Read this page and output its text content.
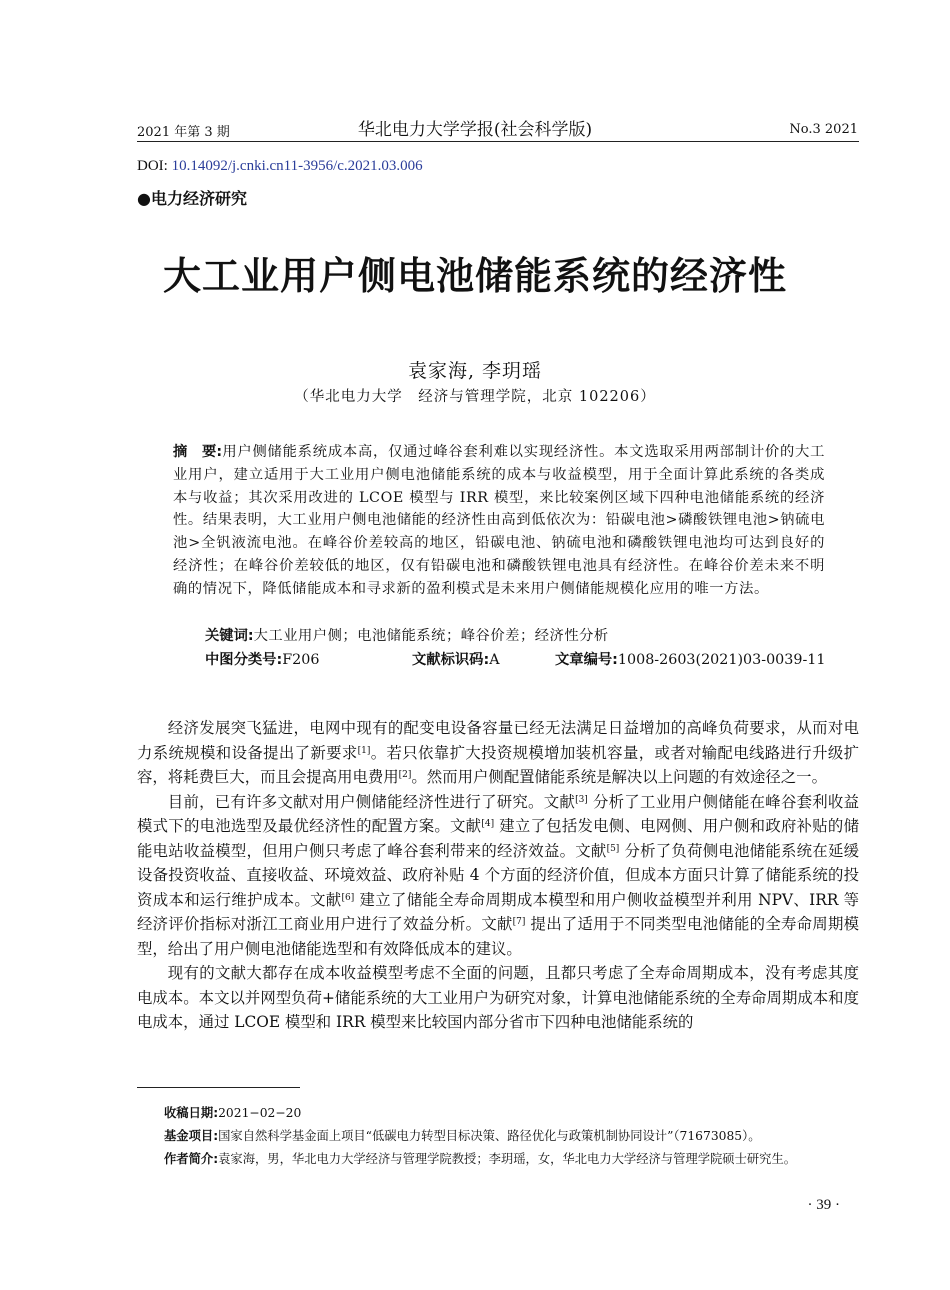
2021 年第 3 期	华北电力大学学报(社会科学版)	No.3 2021
DOI: 10.14092/j.cnki.cn11-3956/c.2021.03.006
●电力经济研究
大工业用户侧电池储能系统的经济性
袁家海, 李玥瑶
（华北电力大学　经济与管理学院，北京 102206）
摘　要:用户侧储能系统成本高，仅通过峰谷套利难以实现经济性。本文选取采用两部制计价的大工业用户，建立适用于大工业用户侧电池储能系统的成本与收益模型，用于全面计算此系统的各类成本与收益；其次采用改进的 LCOE 模型与 IRR 模型，来比较案例区域下四种电池储能系统的经济性。结果表明，大工业用户侧电池储能的经济性由高到低依次为：铅碳电池>磷酸铁锂电池>钠硫电池>全钒液流电池。在峰谷价差较高的地区，铅碳电池、钠硫电池和磷酸铁锂电池均可达到良好的经济性；在峰谷价差较低的地区，仅有铅碳电池和磷酸铁锂电池具有经济性。在峰谷价差未来不明确的情况下，降低储能成本和寻求新的盈利模式是未来用户侧储能规模化应用的唯一方法。
关键词:大工业用户侧；电池储能系统；峰谷价差；经济性分析
中图分类号:F206	文献标识码:A	文章编号:1008-2603(2021)03-0039-11

经济发展突飞猛进，电网中现有的配变电设备容量已经无法满足日益增加的高峰负荷要求，从而对电力系统规模和设备提出了新要求[1]。若只依靠扩大投资规模增加装机容量，或者对输配电线路进行升级扩容，将耗费巨大，而且会提高用电费用[2]。然而用户侧配置储能系统是解决以上问题的有效途径之一。

目前，已有许多文献对用户侧储能经济性进行了研究。文献[3] 分析了工业用户侧储能在峰谷套利收益模式下的电池选型及最优经济性的配置方案。文献[4] 建立了包括发电侧、电网侧、用户侧和政府补贴的储能电站收益模型，但用户侧只考虑了峰谷套利带来的经济效益。文献[5] 分析了负荷侧电池储能系统在延缓设备投资收益、直接收益、环境效益、政府补贴 4 个方面的经济价值，但成本方面只计算了储能系统的投资成本和运行维护成本。文献[6] 建立了储能全寿命周期成本模型和用户侧收益模型并利用 NPV、IRR 等经济评价指标对浙江工商业用户进行了效益分析。文献[7] 提出了适用于不同类型电池储能的全寿命周期模型，给出了用户侧电池储能选型和有效降低成本的建议。

现有的文献大都存在成本收益模型考虑不全面的问题，且都只考虑了全寿命周期成本，没有考虑其度电成本。本文以并网型负荷+储能系统的大工业用户为研究对象，计算电池储能系统的全寿命周期成本和度电成本，通过 LCOE 模型和 IRR 模型来比较国内部分省市下四种电池储能系统的

收稿日期:2021−02−20
基金项目:国家自然科学基金面上项目“低碳电力转型目标决策、路径优化与政策机制协同设计”（71673085）。
作者简介:袁家海，男，华北电力大学经济与管理学院教授；李玥瑶，女，华北电力大学经济与管理学院硕士研究生。
· 39 ·
